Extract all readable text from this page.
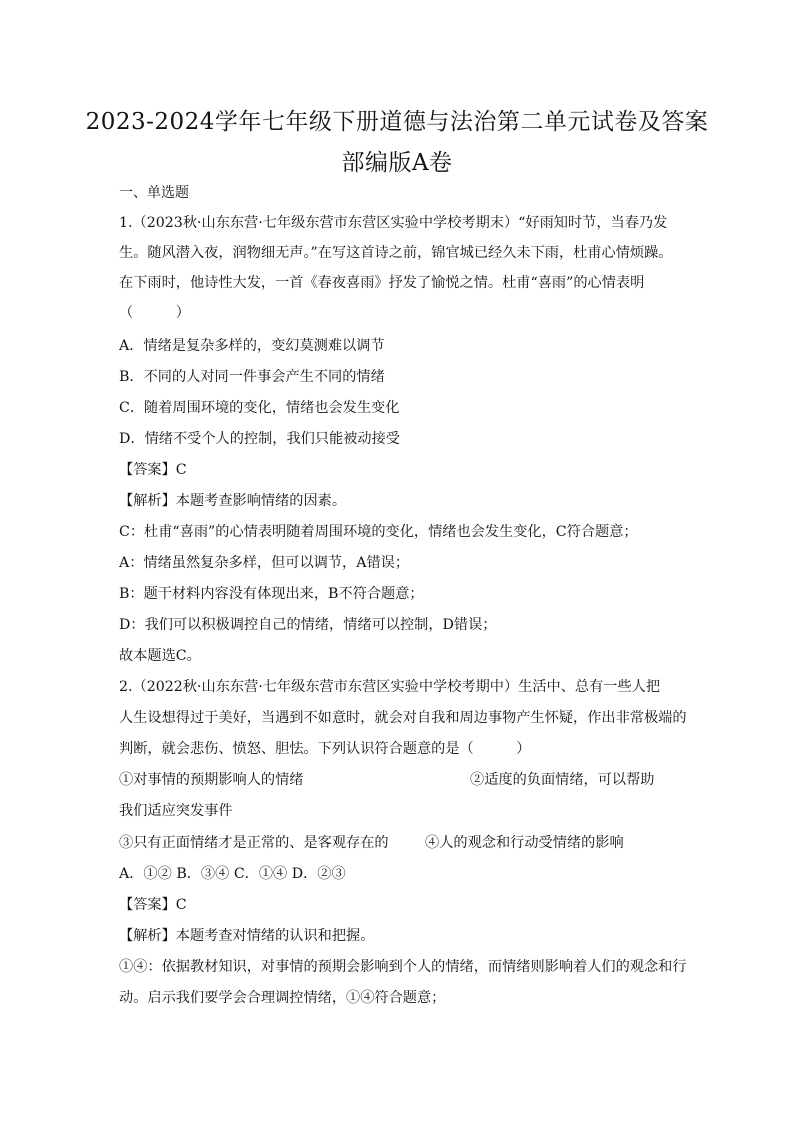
2023-2024学年七年级下册道德与法治第二单元试卷及答案
部编版A卷
一、单选题
1.（2023秋·山东东营·七年级东营市东营区实验中学校考期末）“好雨知时节，当春乃发
生。随风潜入夜，润物细无声。”在写这首诗之前，锦官城已经久未下雨，杜甫心情烦躁。
在下雨时，他诗性大发，一首《春夜喜雨》抒发了愉悦之情。杜甫“喜雨”的心情表明
（　　　）
A．情绪是复杂多样的，变幻莫测难以调节
B．不同的人对同一件事会产生不同的情绪
C．随着周围环境的变化，情绪也会发生变化
D．情绪不受个人的控制，我们只能被动接受
【答案】C
【解析】本题考查影响情绪的因素。
C：杜甫“喜雨”的心情表明随着周围环境的变化，情绪也会发生变化，C符合题意；
A：情绪虽然复杂多样，但可以调节，A错误；
B：题干材料内容没有体现出来，B不符合题意；
D：我们可以积极调控自己的情绪，情绪可以控制，D错误；
故本题选C。
2.（2022秋·山东东营·七年级东营市东营区实验中学校考期中）生活中、总有一些人把
人生设想得过于美好，当遇到不如意时，就会对自我和周边事物产生怀疑，作出非常极端的
判断，就会悲伤、愤怒、胆怯。下列认识符合题意的是（　　　）
①对事情的预期影响人的情绪	②适度的负面情绪，可以帮助
我们适应突发事件
③只有正面情绪才是正常的、是客观存在的	④人的观念和行动受情绪的影响
A．①② B．③④ C．①④ D．②③
【答案】C
【解析】本题考查对情绪的认识和把握。
①④：依据教材知识，对事情的预期会影响到个人的情绪，而情绪则影响着人们的观念和行
动。启示我们要学会合理调控情绪，①④符合题意；
